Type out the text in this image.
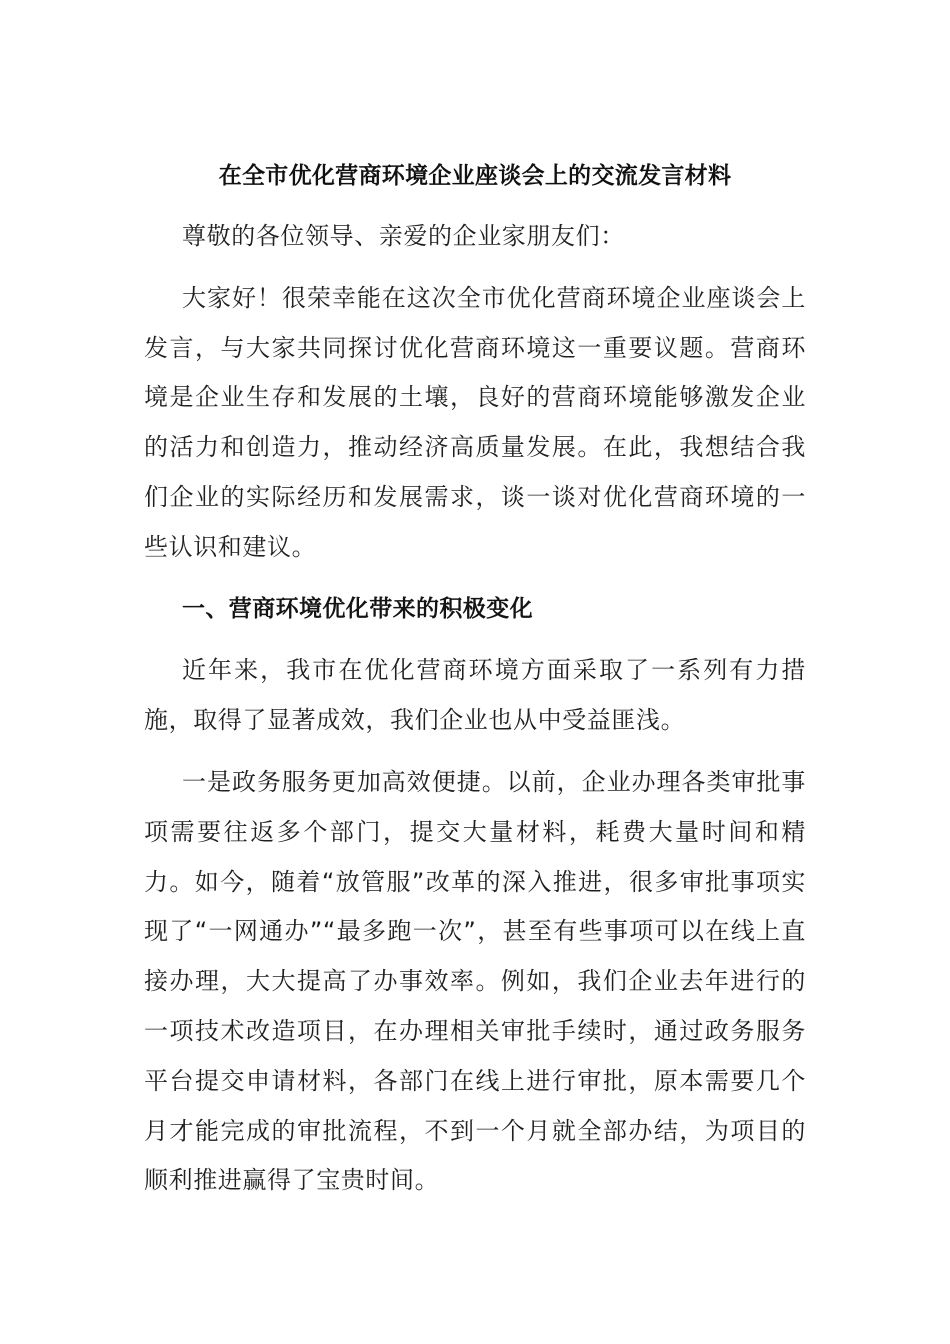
在全市优化营商环境企业座谈会上的交流发言材料

尊敬的各位领导、亲爱的企业家朋友们：

大家好！很荣幸能在这次全市优化营商环境企业座谈会上发言，与大家共同探讨优化营商环境这一重要议题。营商环境是企业生存和发展的土壤，良好的营商环境能够激发企业的活力和创造力，推动经济高质量发展。在此，我想结合我们企业的实际经历和发展需求，谈一谈对优化营商环境的一些认识和建议。

一、营商环境优化带来的积极变化

近年来，我市在优化营商环境方面采取了一系列有力措施，取得了显著成效，我们企业也从中受益匪浅。

一是政务服务更加高效便捷。以前，企业办理各类审批事项需要往返多个部门，提交大量材料，耗费大量时间和精力。如今，随着“放管服”改革的深入推进，很多审批事项实现了“一网通办”“最多跑一次”，甚至有些事项可以在线上直接办理，大大提高了办事效率。例如，我们企业去年进行的一项技术改造项目，在办理相关审批手续时，通过政务服务平台提交申请材料，各部门在线上进行审批，原本需要几个月才能完成的审批流程，不到一个月就全部办结，为项目的顺利推进赢得了宝贵时间。
